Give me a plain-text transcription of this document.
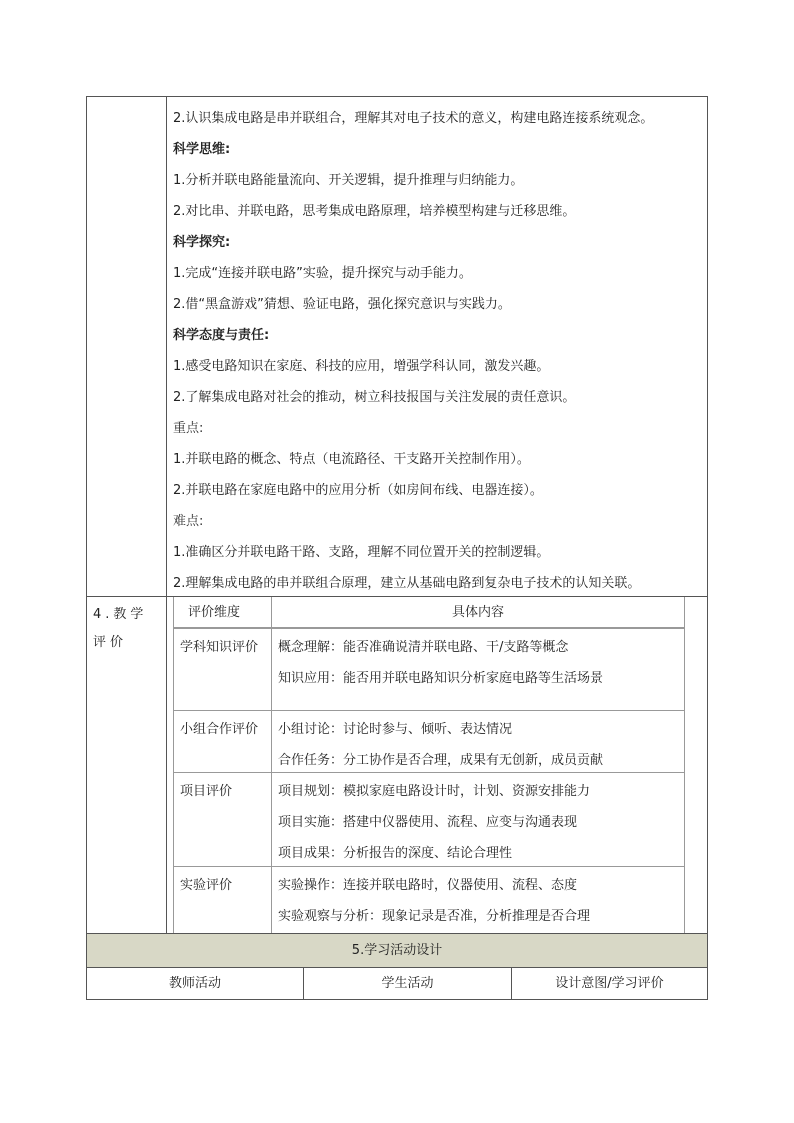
2.认识集成电路是串并联组合，理解其对电子技术的意义，构建电路连接系统观念。
科学思维:
1.分析并联电路能量流向、开关逻辑，提升推理与归纳能力。
2.对比串、并联电路，思考集成电路原理，培养模型构建与迁移思维。
科学探究:
1.完成“连接并联电路”实验，提升探究与动手能力。
2.借“黑盒游戏”猜想、验证电路，强化探究意识与实践力。
科学态度与责任:
1.感受电路知识在家庭、科技的应用，增强学科认同，激发兴趣。
2.了解集成电路对社会的推动，树立科技报国与关注发展的责任意识。
重点:
1.并联电路的概念、特点（电流路径、干支路开关控制作用）。
2.并联电路在家庭电路中的应用分析（如房间布线、电器连接）。
难点:
1.准确区分并联电路干路、支路，理解不同位置开关的控制逻辑。
2.理解集成电路的串并联组合原理，建立从基础电路到复杂电子技术的认知关联。
4.教学评价
评价维度	具体内容
学科知识评价	概念理解：能否准确说清并联电路、干/支路等概念
知识应用：能否用并联电路知识分析家庭电路等生活场景
小组合作评价	小组讨论：讨论时参与、倾听、表达情况
合作任务：分工协作是否合理，成果有无创新，成员贡献
项目评价	项目规划：模拟家庭电路设计时，计划、资源安排能力
项目实施：搭建中仪器使用、流程、应变与沟通表现
项目成果：分析报告的深度、结论合理性
实验评价	实验操作：连接并联电路时，仪器使用、流程、态度
实验观察与分析：现象记录是否准，分析推理是否合理
5.学习活动设计
教师活动	学生活动	设计意图/学习评价
